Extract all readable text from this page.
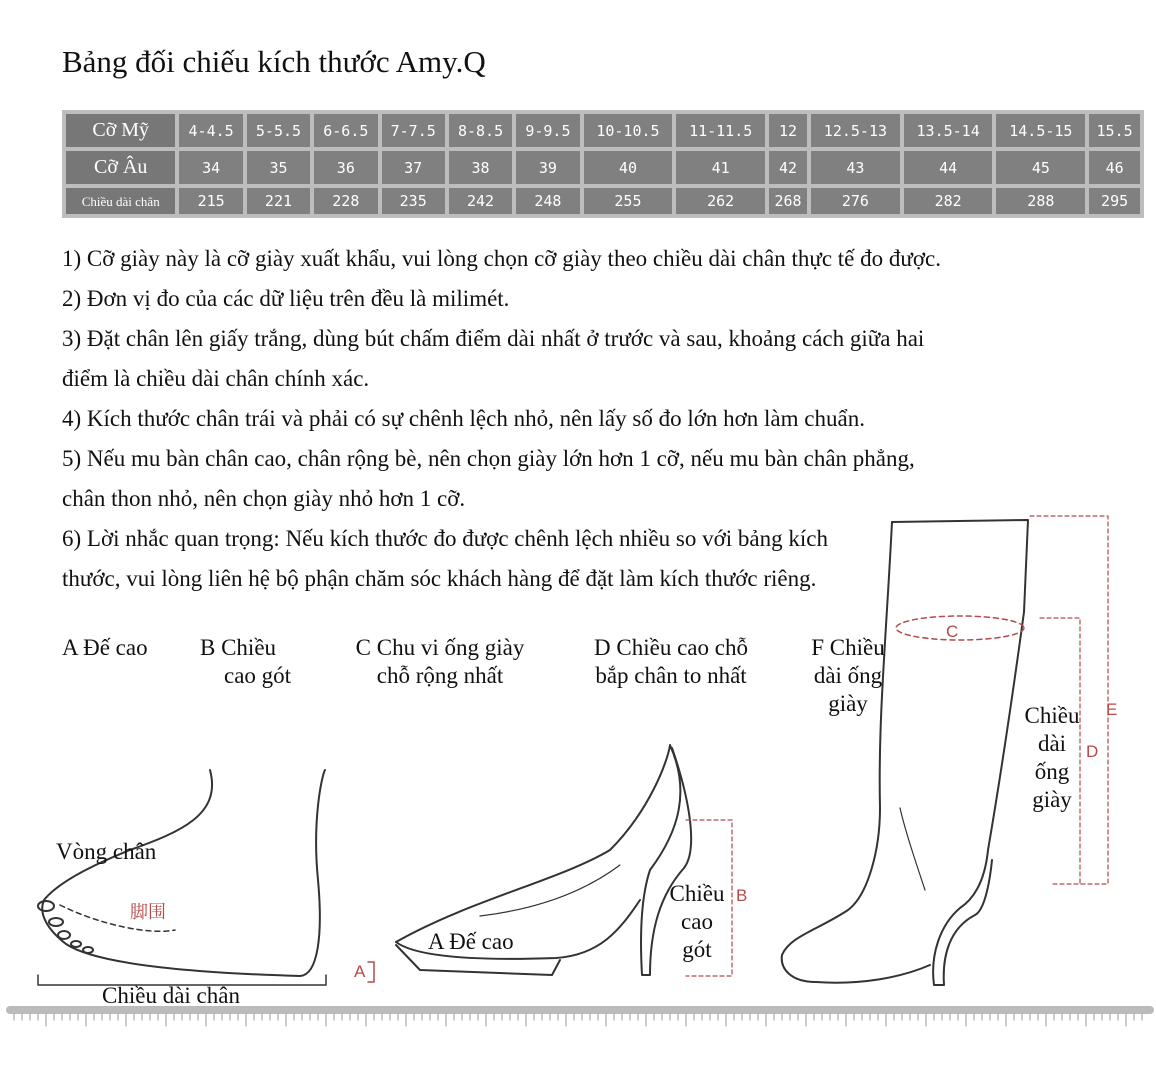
Bảng đối chiếu kích thước Amy.Q
Cỡ Mỹ	4-4.5	5-5.5	6-6.5	7-7.5	8-8.5	9-9.5	10-10.5	11-11.5	12	12.5-13	13.5-14	14.5-15	15.5
Cỡ Âu	34	35	36	37	38	39	40	41	42	43	44	45	46
Chiều dài chân	215	221	228	235	242	248	255	262	268	276	282	288	295
1) Cỡ giày này là cỡ giày xuất khẩu, vui lòng chọn cỡ giày theo chiều dài chân thực tế đo được.
2) Đơn vị đo của các dữ liệu trên đều là milimét.
3) Đặt chân lên giấy trắng, dùng bút chấm điểm dài nhất ở trước và sau, khoảng cách giữa hai
điểm là chiều dài chân chính xác.
4) Kích thước chân trái và phải có sự chênh lệch nhỏ, nên lấy số đo lớn hơn làm chuẩn.
5) Nếu mu bàn chân cao, chân rộng bè, nên chọn giày lớn hơn 1 cỡ, nếu mu bàn chân phẳng,
chân thon nhỏ, nên chọn giày nhỏ hơn 1 cỡ.
6) Lời nhắc quan trọng: Nếu kích thước đo được chênh lệch nhiều so với bảng kích
thước, vui lòng liên hệ bộ phận chăm sóc khách hàng để đặt làm kích thước riêng.
A Đế cao B Chiều
cao gót
C Chu vi ống giày
chỗ rộng nhất
D Chiều cao chỗ
bắp chân to nhất
F Chiều
dài ống
giày
Vòng chân
脚围
Chiều dài chân
A Đế cao
A
Chiều
cao
gót
B
C
Chiều
dài
ống
giày
D
E
